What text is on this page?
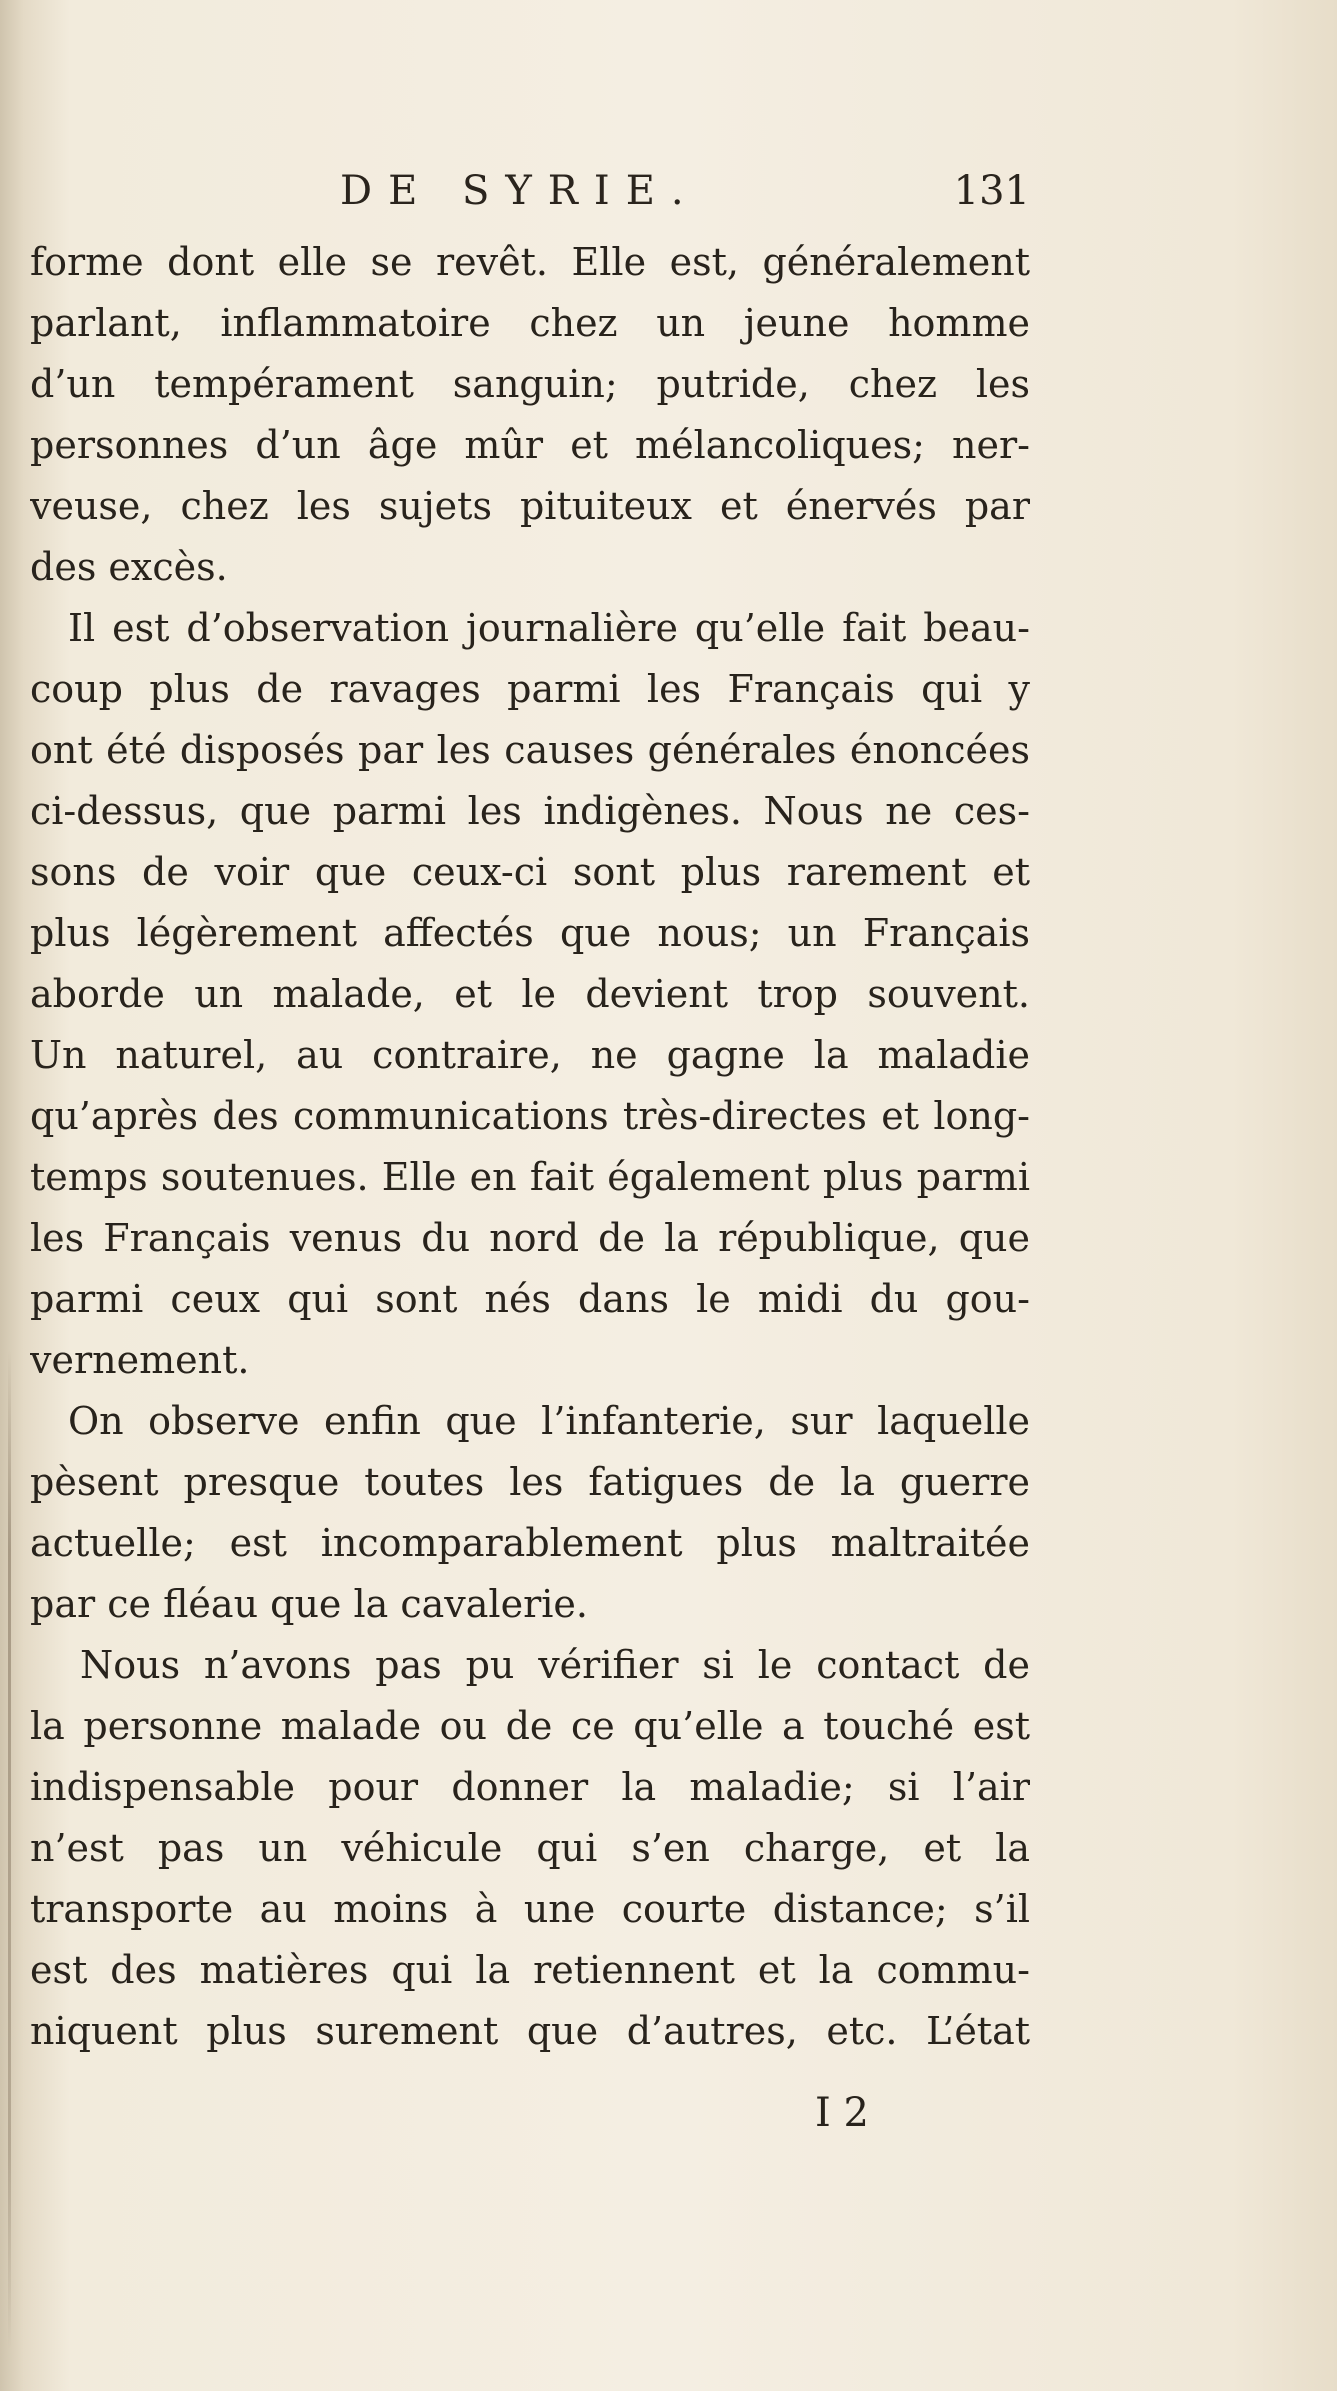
DE SYRIE.	131
forme dont elle se revêt. Elle est, généralement
parlant, inflammatoire chez un jeune homme
d’un tempérament sanguin; putride, chez les
personnes d’un âge mûr et mélancoliques; ner-
veuse, chez les sujets pituiteux et énervés par
des excès.
Il est d’observation journalière qu’elle fait beau-
coup plus de ravages parmi les Français qui y
ont été disposés par les causes générales énoncées
ci-dessus, que parmi les indigènes. Nous ne ces-
sons de voir que ceux-ci sont plus rarement et
plus légèrement affectés que nous; un Français
aborde un malade, et le devient trop souvent.
Un naturel, au contraire, ne gagne la maladie
qu’après des communications très-directes et long-
temps soutenues. Elle en fait également plus parmi
les Français venus du nord de la république, que
parmi ceux qui sont nés dans le midi du gou-
vernement.
On observe enfin que l’infanterie, sur laquelle
pèsent presque toutes les fatigues de la guerre
actuelle; est incomparablement plus maltraitée
par ce fléau que la cavalerie.
Nous n’avons pas pu vérifier si le contact de
la personne malade ou de ce qu’elle a touché est
indispensable pour donner la maladie; si l’air
n’est pas un véhicule qui s’en charge, et la
transporte au moins à une courte distance; s’il
est des matières qui la retiennent et la commu-
niquent plus surement que d’autres, etc. L’état
I 2
